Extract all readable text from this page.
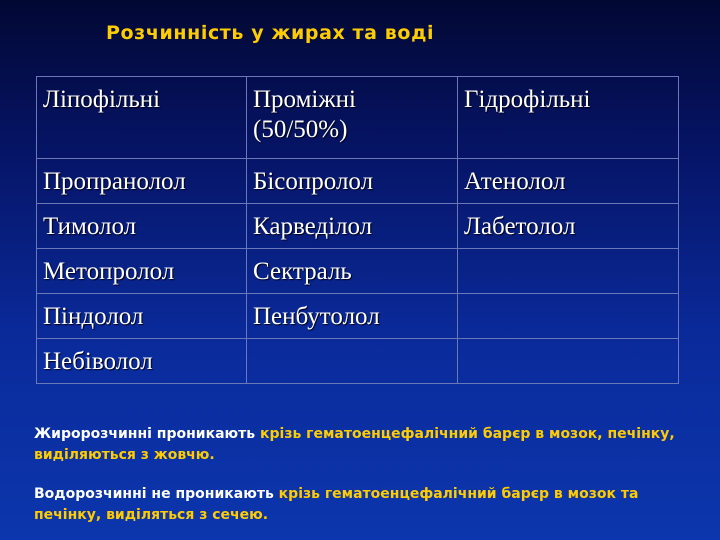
Розчинність у жирах та воді
Ліпофільні	Проміжні (50/50%)	Гідрофільні
Пропранолол	Бісопролол	Атенолол
Тимолол	Карведілол	Лабетолол
Метопролол	Сектраль	
Піндолол	Пенбутолол	
Небіволол		

Жиророзчинні проникають крізь гематоенцефалічний барєр в мозок, печінку, виділяються з жовчю.

Водорозчинні не проникають крізь гематоенцефалічний барєр в мозок та печінку, виділяться з сечею.
